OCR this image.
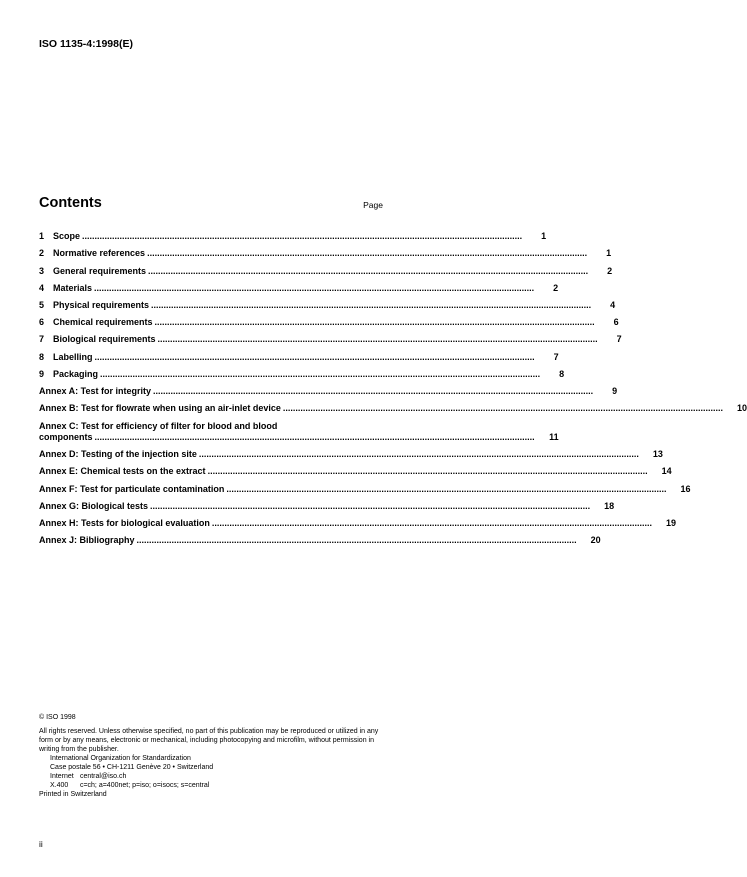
ISO 1135-4:1998(E)
Contents	Page
1 Scope ................................................................................................................................................................................	1
2 Normative references ................................................................................................................................................................................	1
3 General requirements ................................................................................................................................................................................	2
4 Materials ................................................................................................................................................................................	2
5 Physical requirements ................................................................................................................................................................................	4
6 Chemical requirements ................................................................................................................................................................................	6
7 Biological requirements ................................................................................................................................................................................	7
8 Labelling ................................................................................................................................................................................	7
9 Packaging ................................................................................................................................................................................	8
Annex A: Test for integrity ................................................................................................................................................................................	9
Annex B: Test for flowrate when using an air-inlet device ................................................................................................................................................................................	10
Annex C: Test for efficiency of filter for blood and blood
components ................................................................................................................................................................................	11
Annex D: Testing of the injection site ................................................................................................................................................................................	13
Annex E: Chemical tests on the extract ................................................................................................................................................................................	14
Annex F: Test for particulate contamination ................................................................................................................................................................................	16
Annex G: Biological tests ................................................................................................................................................................................	18
Annex H: Tests for biological evaluation ................................................................................................................................................................................	19
Annex J: Bibliography ................................................................................................................................................................................	20
© ISO 1998
All rights reserved. Unless otherwise specified, no part of this publication may be reproduced or utilized in any form or by any means, electronic or mechanical, including photocopying and microfilm, without permission in writing from the publisher.
International Organization for Standardization
Case postale 56 • CH-1211 Genève 20 • Switzerland
Internet central@iso.ch
X.400 c=ch; a=400net; p=iso; o=isocs; s=central
Printed in Switzerland
ii
